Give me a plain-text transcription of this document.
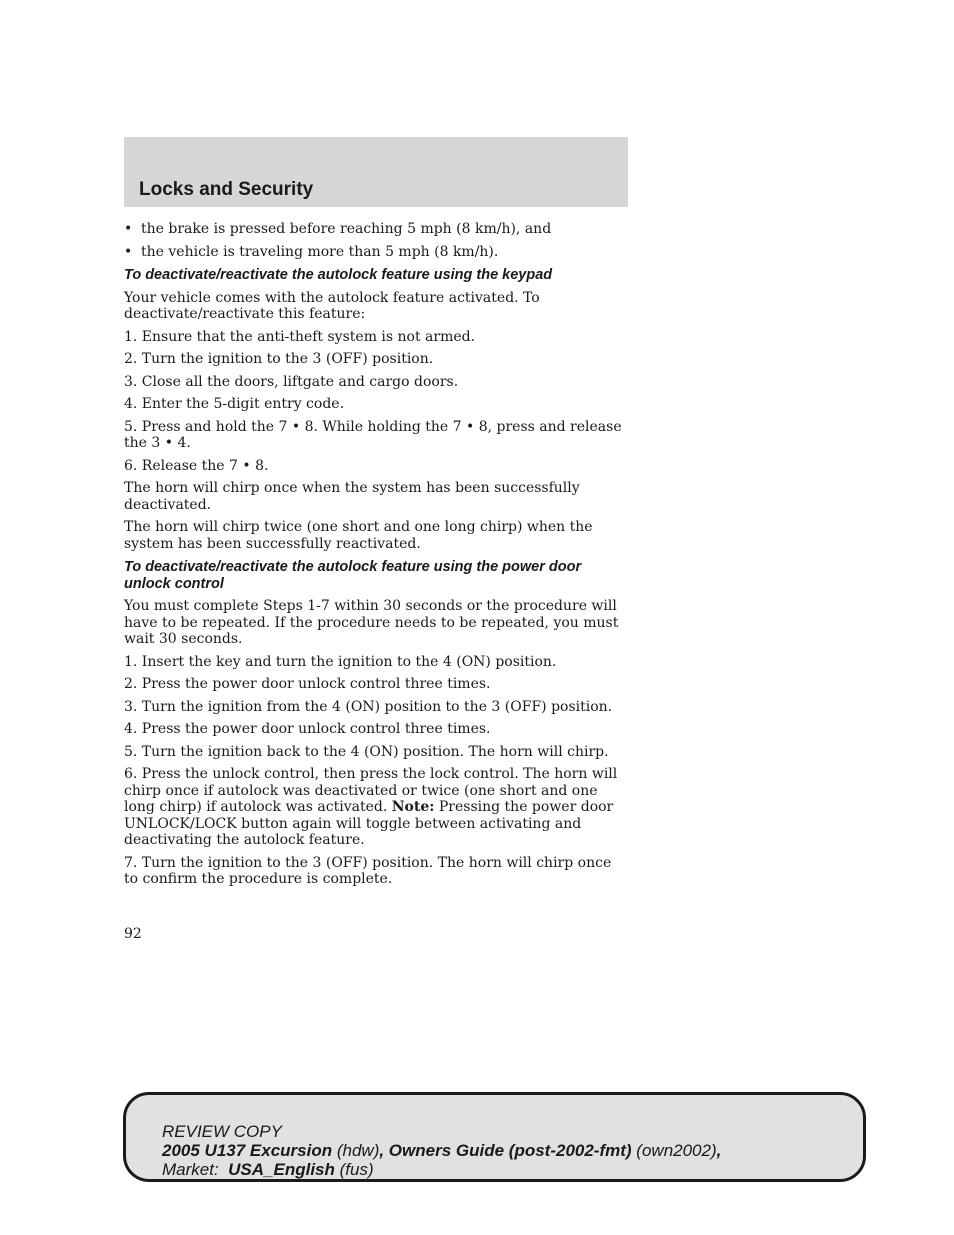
Locks and Security
• the brake is pressed before reaching 5 mph (8 km/h), and
• the vehicle is traveling more than 5 mph (8 km/h).
To deactivate/reactivate the autolock feature using the keypad

Your vehicle comes with the autolock feature activated. To deactivate/reactivate this feature:

1. Ensure that the anti-theft system is not armed.

2. Turn the ignition to the 3 (OFF) position.

3. Close all the doors, liftgate and cargo doors.

4. Enter the 5-digit entry code.

5. Press and hold the 7 • 8. While holding the 7 • 8, press and release the 3 • 4.

6. Release the 7 • 8.

The horn will chirp once when the system has been successfully deactivated.

The horn will chirp twice (one short and one long chirp) when the system has been successfully reactivated.

To deactivate/reactivate the autolock feature using the power door unlock control

You must complete Steps 1-7 within 30 seconds or the procedure will have to be repeated. If the procedure needs to be repeated, you must wait 30 seconds.

1. Insert the key and turn the ignition to the 4 (ON) position.

2. Press the power door unlock control three times.

3. Turn the ignition from the 4 (ON) position to the 3 (OFF) position.

4. Press the power door unlock control three times.

5. Turn the ignition back to the 4 (ON) position. The horn will chirp.

6. Press the unlock control, then press the lock control. The horn will chirp once if autolock was deactivated or twice (one short and one long chirp) if autolock was activated. Note: Pressing the power door UNLOCK/LOCK button again will toggle between activating and deactivating the autolock feature.

7. Turn the ignition to the 3 (OFF) position. The horn will chirp once to confirm the procedure is complete.

92
REVIEW COPY
2005 U137 Excursion (hdw), Owners Guide (post-2002-fmt) (own2002),
Market: USA_English (fus)
